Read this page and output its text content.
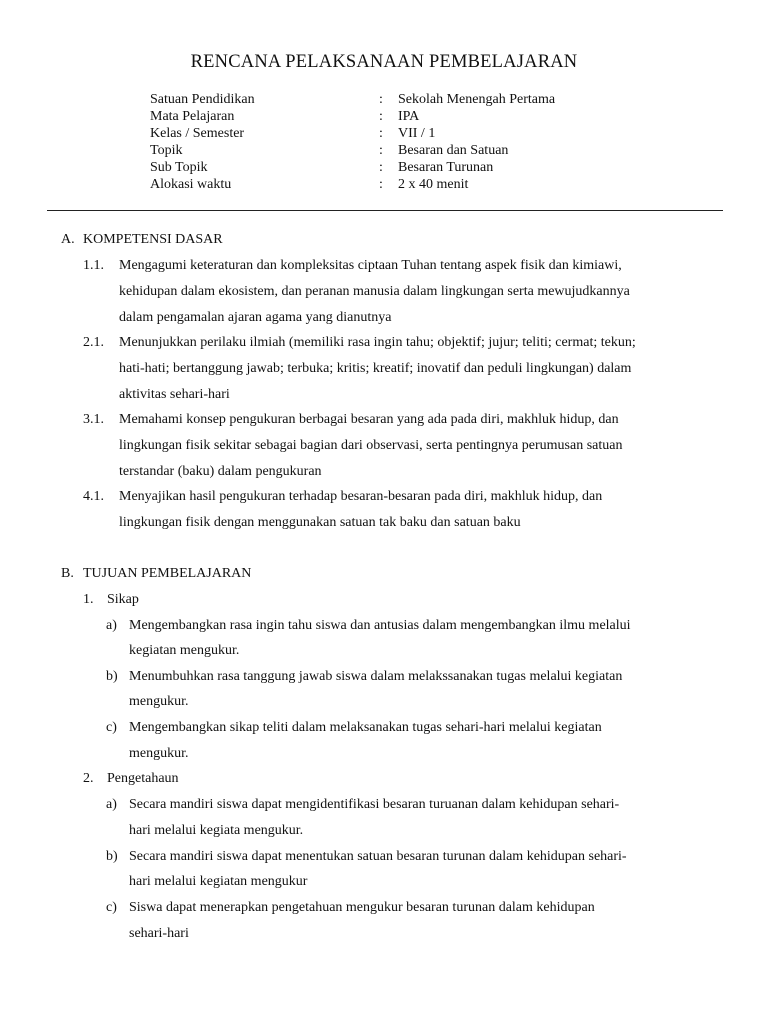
RENCANA PELAKSANAAN PEMBELAJARAN
Satuan Pendidikan	: Sekolah Menengah Pertama
Mata Pelajaran	: IPA
Kelas / Semester	: VII / 1
Topik	: Besaran dan Satuan
Sub Topik	: Besaran Turunan
Alokasi waktu	: 2 x 40 menit
A. KOMPETENSI DASAR
1.1. Mengagumi keteraturan dan kompleksitas ciptaan Tuhan tentang aspek fisik dan kimiawi,
kehidupan dalam ekosistem, dan peranan manusia dalam lingkungan serta mewujudkannya
dalam pengamalan ajaran agama yang dianutnya
2.1. Menunjukkan perilaku ilmiah (memiliki rasa ingin tahu; objektif; jujur; teliti; cermat; tekun;
hati-hati; bertanggung jawab; terbuka; kritis; kreatif; inovatif dan peduli lingkungan) dalam
aktivitas sehari-hari
3.1. Memahami konsep pengukuran berbagai besaran yang ada pada diri, makhluk hidup, dan
lingkungan fisik sekitar sebagai bagian dari observasi, serta pentingnya perumusan satuan
terstandar (baku) dalam pengukuran
4.1. Menyajikan hasil pengukuran terhadap besaran-besaran pada diri, makhluk hidup, dan
lingkungan fisik dengan menggunakan satuan tak baku dan satuan baku
B. TUJUAN PEMBELAJARAN
1. Sikap
a) Mengembangkan rasa ingin tahu siswa dan antusias dalam mengembangkan ilmu melalui
kegiatan mengukur.
b) Menumbuhkan rasa tanggung jawab siswa dalam melakssanakan tugas melalui kegiatan
mengukur.
c) Mengembangkan sikap teliti dalam melaksanakan tugas sehari-hari melalui kegiatan
mengukur.
2. Pengetahaun
a) Secara mandiri siswa dapat mengidentifikasi besaran turuanan dalam kehidupan sehari-
hari melalui kegiata mengukur.
b) Secara mandiri siswa dapat menentukan satuan besaran turunan dalam kehidupan sehari-
hari melalui kegiatan mengukur
c) Siswa dapat menerapkan pengetahuan mengukur besaran turunan dalam kehidupan
sehari-hari
